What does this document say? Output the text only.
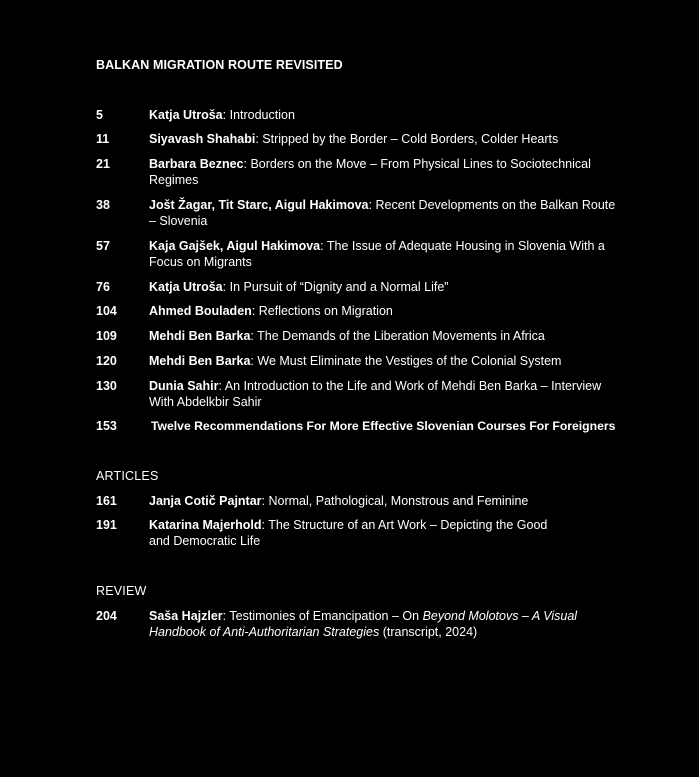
BALKAN MIGRATION ROUTE REVISITED
5	Katja Utroša: Introduction
11	Siyavash Shahabi: Stripped by the Border – Cold Borders, Colder Hearts
21	Barbara Beznec: Borders on the Move – From Physical Lines to Sociotechnical Regimes
38	Jošt Žagar, Tit Starc, Aigul Hakimova: Recent Developments on the Balkan Route – Slovenia
57	Kaja Gajšek, Aigul Hakimova: The Issue of Adequate Housing in Slovenia With a Focus on Migrants
76	Katja Utroša: In Pursuit of “Dignity and a Normal Life”
104	Ahmed Bouladen: Reflections on Migration
109	Mehdi Ben Barka: The Demands of the Liberation Movements in Africa
120	Mehdi Ben Barka: We Must Eliminate the Vestiges of the Colonial System
130	Dunia Sahir: An Introduction to the Life and Work of Mehdi Ben Barka – Interview With Abdelkbir Sahir
153	Twelve Recommendations For More Effective Slovenian Courses For Foreigners
ARTICLES
161	Janja Cotič Pajntar: Normal, Pathological, Monstrous and Feminine
191	Katarina Majerhold: The Structure of an Art Work – Depicting the Good and Democratic Life
REVIEW
204	Saša Hajzler: Testimonies of Emancipation – On Beyond Molotovs – A Visual Handbook of Anti-Authoritarian Strategies (transcript, 2024)
